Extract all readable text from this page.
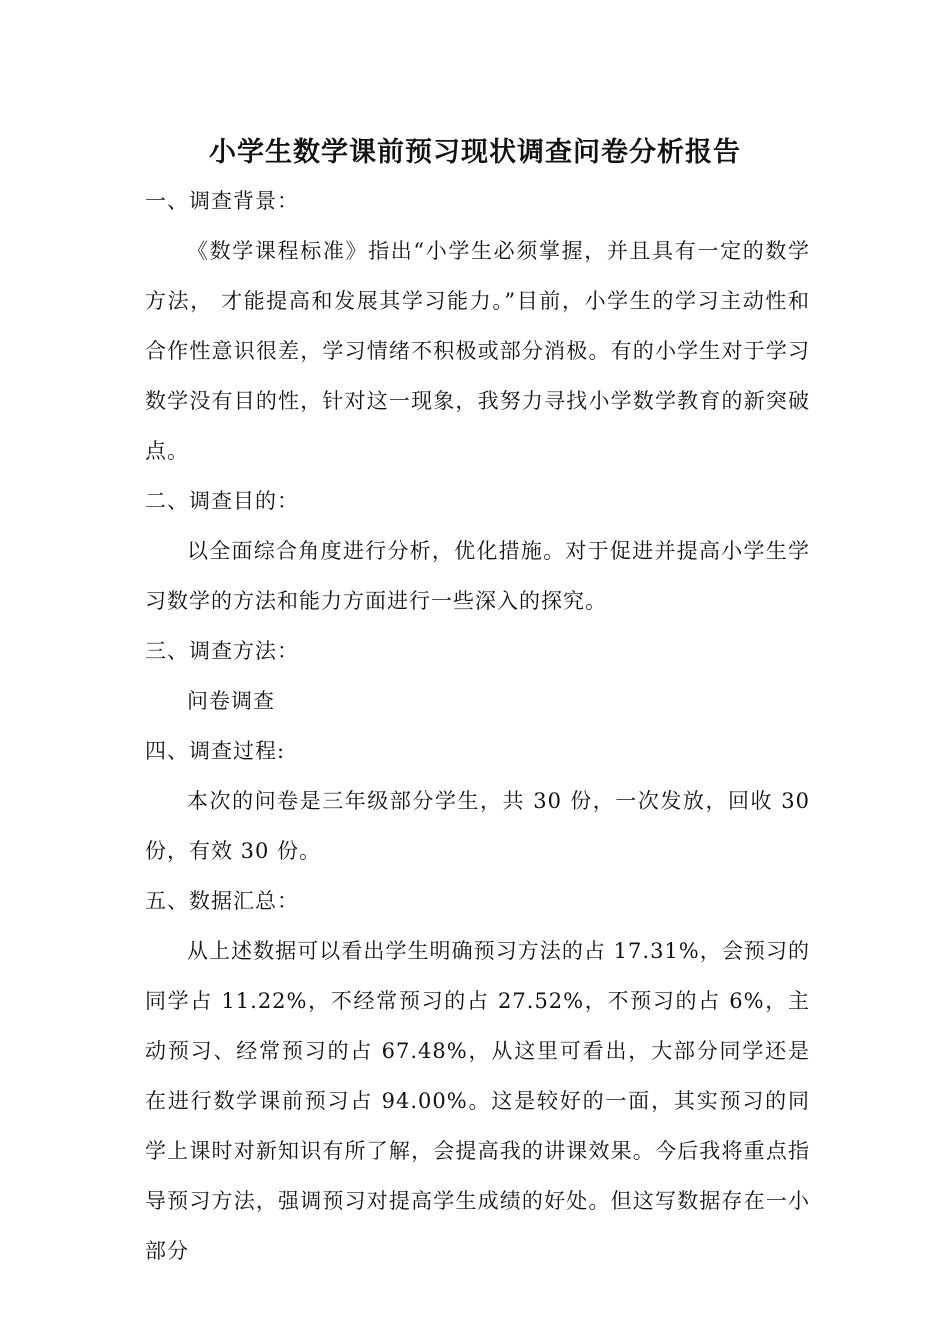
小学生数学课前预习现状调查问卷分析报告

一、调查背景：

《数学课程标准》指出“小学生必须掌握，并且具有一定的数学方法， 才能提高和发展其学习能力。”目前，小学生的学习主动性和合作性意识很差，学习情绪不积极或部分消极。有的小学生对于学习数学没有目的性，针对这一现象，我努力寻找小学数学教育的新突破点。

二、调查目的：

以全面综合角度进行分析，优化措施。对于促进并提高小学生学习数学的方法和能力方面进行一些深入的探究。

三、调查方法：

问卷调查

四、调查过程:

本次的问卷是三年级部分学生，共 30 份，一次发放，回收 30 份，有效 30 份。

五、数据汇总：

从上述数据可以看出学生明确预习方法的占 17.31%，会预习的同学占 11.22%，不经常预习的占 27.52%，不预习的占 6%，主动预习、经常预习的占 67.48%，从这里可看出，大部分同学还是在进行数学课前预习占 94.00%。这是较好的一面，其实预习的同学上课时对新知识有所了解，会提高我的讲课效果。今后我将重点指导预习方法，强调预习对提高学生成绩的好处。但这写数据存在一小部分
